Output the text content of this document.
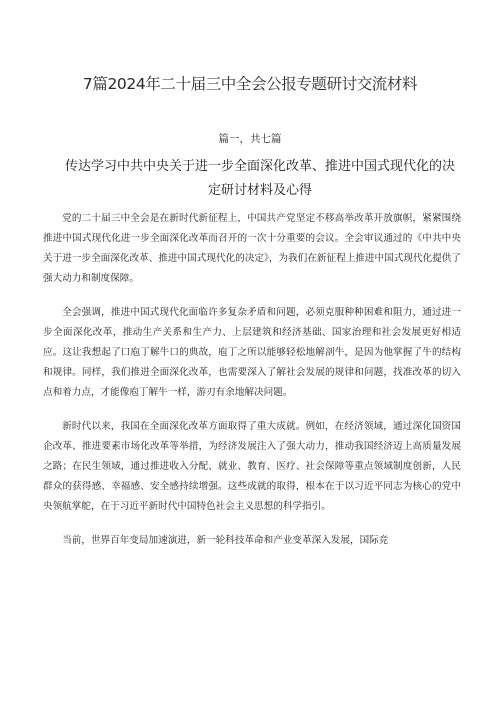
7篇2024年二十届三中全会公报专题研讨交流材料
篇一，共七篇
传达学习中共中央关于进一步全面深化改革、推进中国式现代化的决定研讨材料及心得

党的二十届三中全会是在新时代新征程上，中国共产党坚定不移高举改革开放旗帜，紧紧围绕推进中国式现代化进一步全面深化改革而召开的一次十分重要的会议。全会审议通过的《中共中央关于进一步全面深化改革、推进中国式现代化的决定》，为我们在新征程上推进中国式现代化提供了强大动力和制度保障。

全会强调，推进中国式现代化面临许多复杂矛盾和问题，必须克服种种困难和阻力，通过进一步全面深化改革，推动生产关系和生产力、上层建筑和经济基础、国家治理和社会发展更好相适应。这让我想起了口庖丁解牛口的典故，庖丁之所以能够轻松地解剖牛，是因为他掌握了牛的结构和规律。同样，我们推进全面深化改革，也需要深入了解社会发展的规律和问题，找准改革的切入点和着力点，才能像庖丁解牛一样，游刃有余地解决问题。

新时代以来，我国在全面深化改革方面取得了重大成就。例如，在经济领域，通过深化国资国企改革、推进要素市场化改革等举措，为经济发展注入了强大动力，推动我国经济迈上高质量发展之路；在民生领域，通过推进收入分配、就业、教育、医疗、社会保障等重点领域制度创新，人民群众的获得感、幸福感、安全感持续增强。这些成就的取得，根本在于以习近平同志为核心的党中央领航掌舵，在于习近平新时代中国特色社会主义思想的科学指引。

当前，世界百年变局加速演进，新一轮科技革命和产业变革深入发展，国际竞
